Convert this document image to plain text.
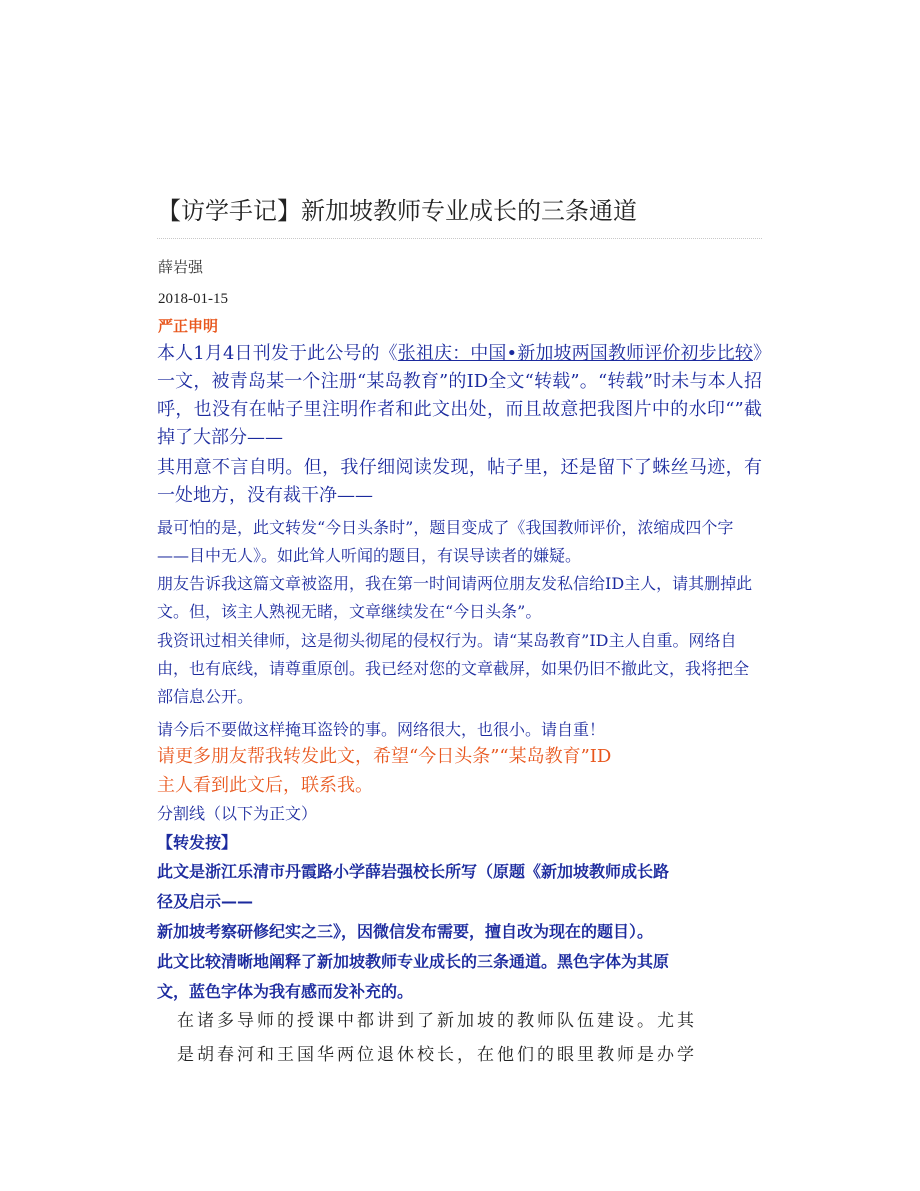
【访学手记】新加坡教师专业成长的三条通道
薛岩强
2018-01-15
严正申明
本人1月4日刊发于此公号的《张祖庆：中国•新加坡两国教师评价初步比较》一文，被青岛某一个注册“某岛教育”的ID全文“转载”。“转载”时未与本人招呼，也没有在帖子里注明作者和此文出处，而且故意把我图片中的水印“”截掉了大部分——
其用意不言自明。但，我仔细阅读发现，帖子里，还是留下了蛛丝马迹，有一处地方，没有裁干净——
最可怕的是，此文转发“今日头条时”，题目变成了《我国教师评价，浓缩成四个字——目中无人》。如此耸人听闻的题目，有误导读者的嫌疑。
朋友告诉我这篇文章被盗用，我在第一时间请两位朋友发私信给ID主人，请其删掉此文。但，该主人熟视无睹，文章继续发在“今日头条”。
我资讯过相关律师，这是彻头彻尾的侵权行为。请“某岛教育”ID主人自重。网络自由，也有底线，请尊重原创。我已经对您的文章截屏，如果仍旧不撤此文，我将把全部信息公开。
请今后不要做这样掩耳盗铃的事。网络很大，也很小。请自重！
请更多朋友帮我转发此文，希望“今日头条”“某岛教育”ID
主人看到此文后，联系我。
分割线（以下为正文）
【转发按】
此文是浙江乐清市丹霞路小学薛岩强校长所写（原题《新加坡教师成长路
径及启示——
新加坡考察研修纪实之三》，因微信发布需要，擅自改为现在的题目）。
此文比较清晰地阐释了新加坡教师专业成长的三条通道。黑色字体为其原
文，蓝色字体为我有感而发补充的。
在诸多导师的授课中都讲到了新加坡的教师队伍建设。尤其
是胡春河和王国华两位退休校长，在他们的眼里教师是办学
